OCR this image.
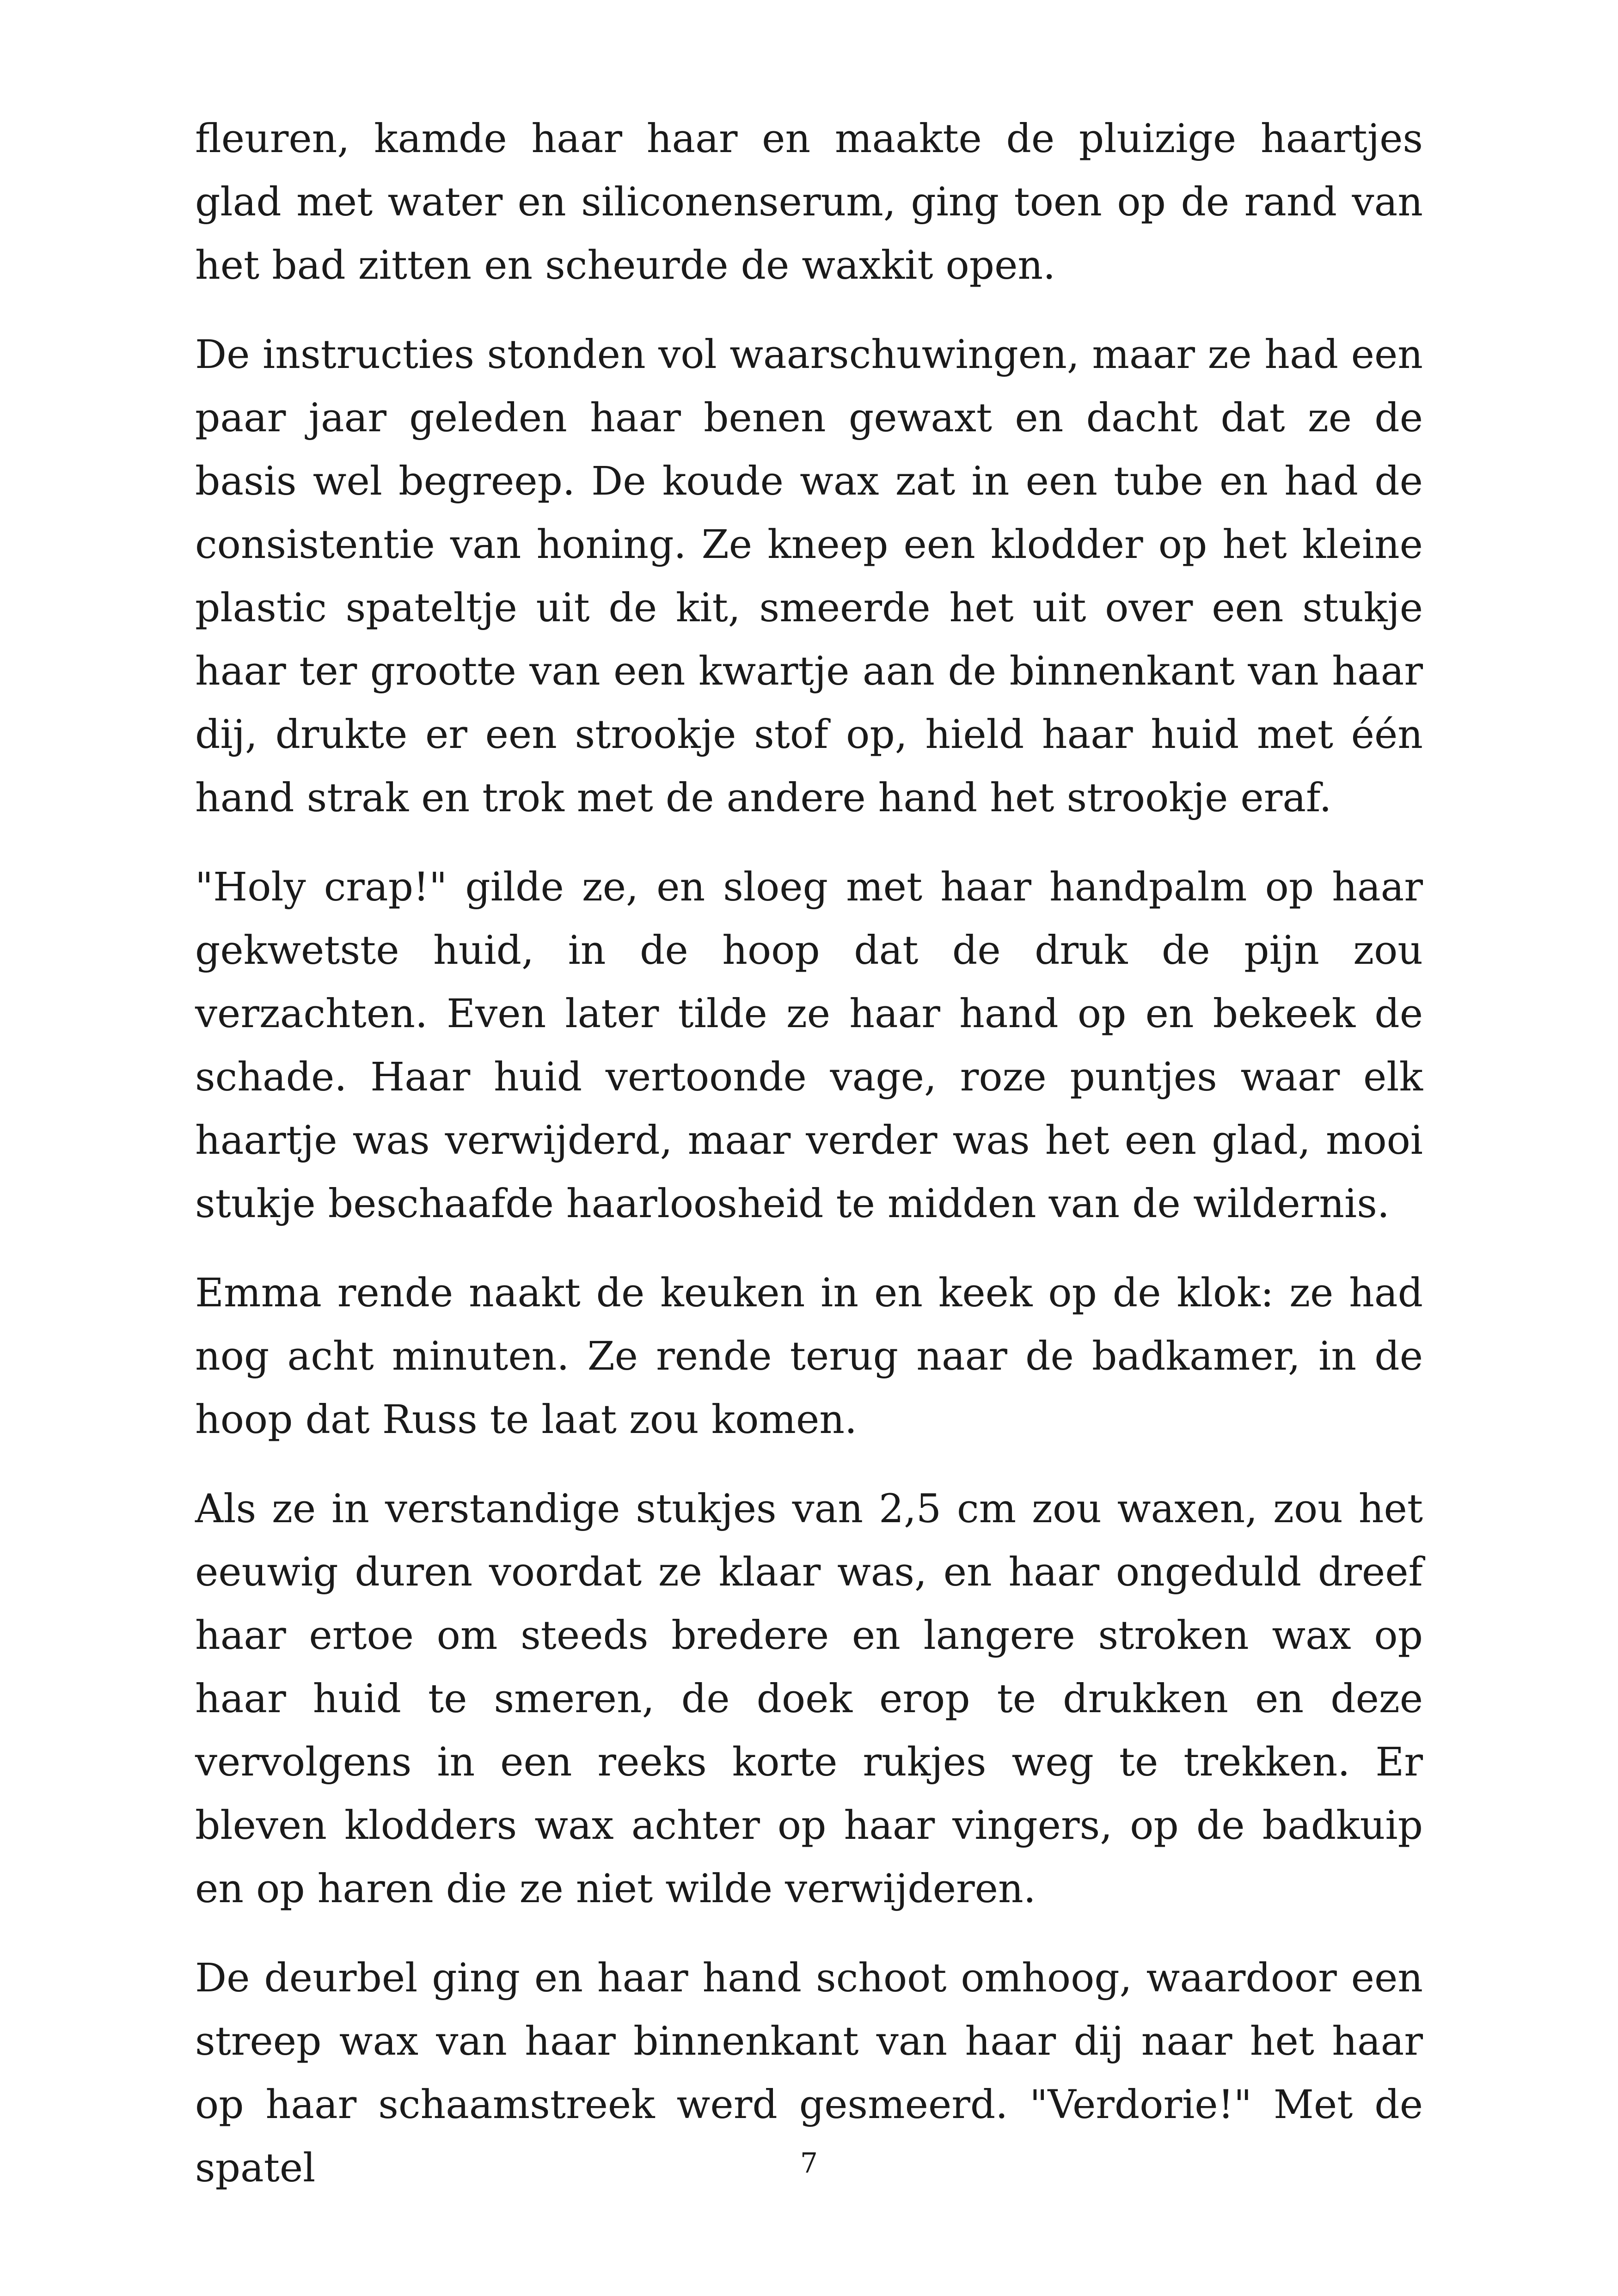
fleuren, kamde haar haar en maakte de pluizige haartjes glad met water en siliconenserum, ging toen op de rand van het bad zitten en scheurde de waxkit open.

De instructies stonden vol waarschuwingen, maar ze had een paar jaar geleden haar benen gewaxt en dacht dat ze de basis wel begreep. De koude wax zat in een tube en had de consistentie van honing. Ze kneep een klodder op het kleine plastic spateltje uit de kit, smeerde het uit over een stukje haar ter grootte van een kwartje aan de binnenkant van haar dij, drukte er een strookje stof op, hield haar huid met één hand strak en trok met de andere hand het strookje eraf.

"Holy crap!" gilde ze, en sloeg met haar handpalm op haar gekwetste huid, in de hoop dat de druk de pijn zou verzachten. Even later tilde ze haar hand op en bekeek de schade. Haar huid vertoonde vage, roze puntjes waar elk haartje was verwijderd, maar verder was het een glad, mooi stukje beschaafde haarloosheid te midden van de wildernis.

Emma rende naakt de keuken in en keek op de klok: ze had nog acht minuten. Ze rende terug naar de badkamer, in de hoop dat Russ te laat zou komen.

Als ze in verstandige stukjes van 2,5 cm zou waxen, zou het eeuwig duren voordat ze klaar was, en haar ongeduld dreef haar ertoe om steeds bredere en langere stroken wax op haar huid te smeren, de doek erop te drukken en deze vervolgens in een reeks korte rukjes weg te trekken. Er bleven klodders wax achter op haar vingers, op de badkuip en op haren die ze niet wilde verwijderen.

De deurbel ging en haar hand schoot omhoog, waardoor een streep wax van haar binnenkant van haar dij naar het haar op haar schaamstreek werd gesmeerd. "Verdorie!" Met de spatel	7
